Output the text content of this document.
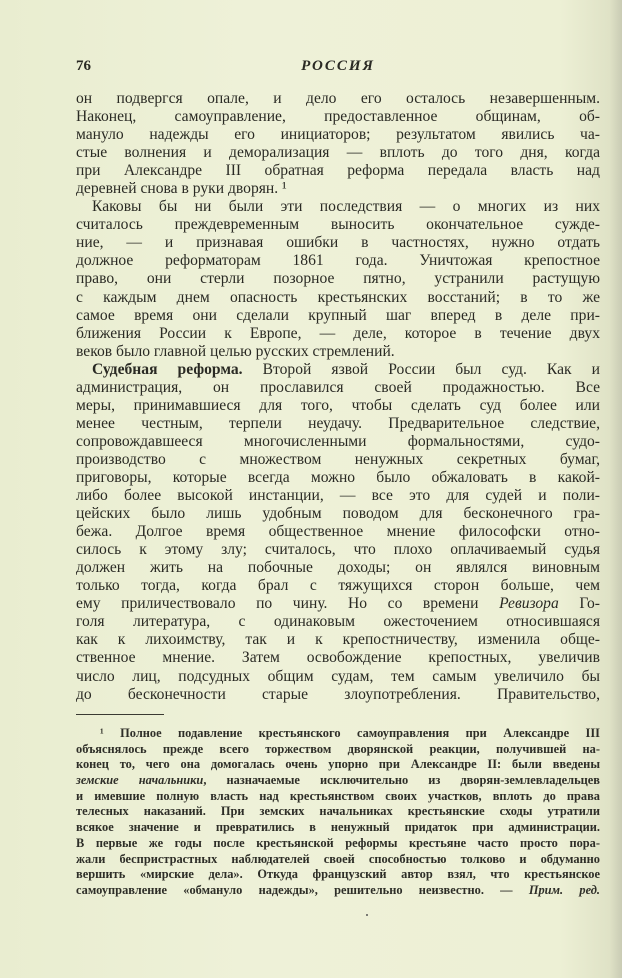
76	РОССИЯ
он подвергся опале, и дело его осталось незавершенным.
Наконец, самоуправление, предоставленное общинам, об-
мануло надежды его инициаторов; результатом явились ча-
стые волнения и деморализация — вплоть до того дня, когда
при Александре III обратная реформа передала власть над
деревней снова в руки дворян. ¹
Каковы бы ни были эти последствия — о многих из них
считалось преждевременным выносить окончательное сужде-
ние, — и признавая ошибки в частностях, нужно отдать
должное реформаторам 1861 года. Уничтожая крепостное
право, они стерли позорное пятно, устранили растущую
с каждым днем опасность крестьянских восстаний; в то же
самое время они сделали крупный шаг вперед в деле при-
ближения России к Европе, — деле, которое в течение двух
веков было главной целью русских стремлений.
Судебная реформа. Второй язвой России был суд. Как и
администрация, он прославился своей продажностью. Все
меры, принимавшиеся для того, чтобы сделать суд более или
менее честным, терпели неудачу. Предварительное следствие,
сопровождавшееся многочисленными формальностями, судо-
производство с множеством ненужных секретных бумаг,
приговоры, которые всегда можно было обжаловать в какой-
либо более высокой инстанции, — все это для судей и поли-
цейских было лишь удобным поводом для бесконечного гра-
бежа. Долгое время общественное мнение философски отно-
силось к этому злу; считалось, что плохо оплачиваемый судья
должен жить на побочные доходы; он являлся виновным
только тогда, когда брал с тяжущихся сторон больше, чем
ему приличествовало по чину. Но со времени Ревизора Го-
голя литература, с одинаковым ожесточением относившаяся
как к лихоимству, так и к крепостничеству, изменила обще-
ственное мнение. Затем освобождение крепостных, увеличив
число лиц, подсудных общим судам, тем самым увеличило бы
до бесконечности старые злоупотребления. Правительство,
¹ Полное подавление крестьянского самоуправления при Александре III
объяснялось прежде всего торжеством дворянской реакции, получившей на-
конец то, чего она домогалась очень упорно при Александре II: были введены
земские начальники, назначаемые исключительно из дворян-землевладельцев
и имевшие полную власть над крестьянством своих участков, вплоть до права
телесных наказаний. При земских начальниках крестьянские сходы утратили
всякое значение и превратились в ненужный придаток при администрации.
В первые же годы после крестьянской реформы крестьяне часто просто пора-
жали беспристрастных наблюдателей своей способностью толково и обдуманно
вершить «мирские дела». Откуда французский автор взял, что крестьянское
самоуправление «обмануло надежды», решительно неизвестно. — Прим. ред.
